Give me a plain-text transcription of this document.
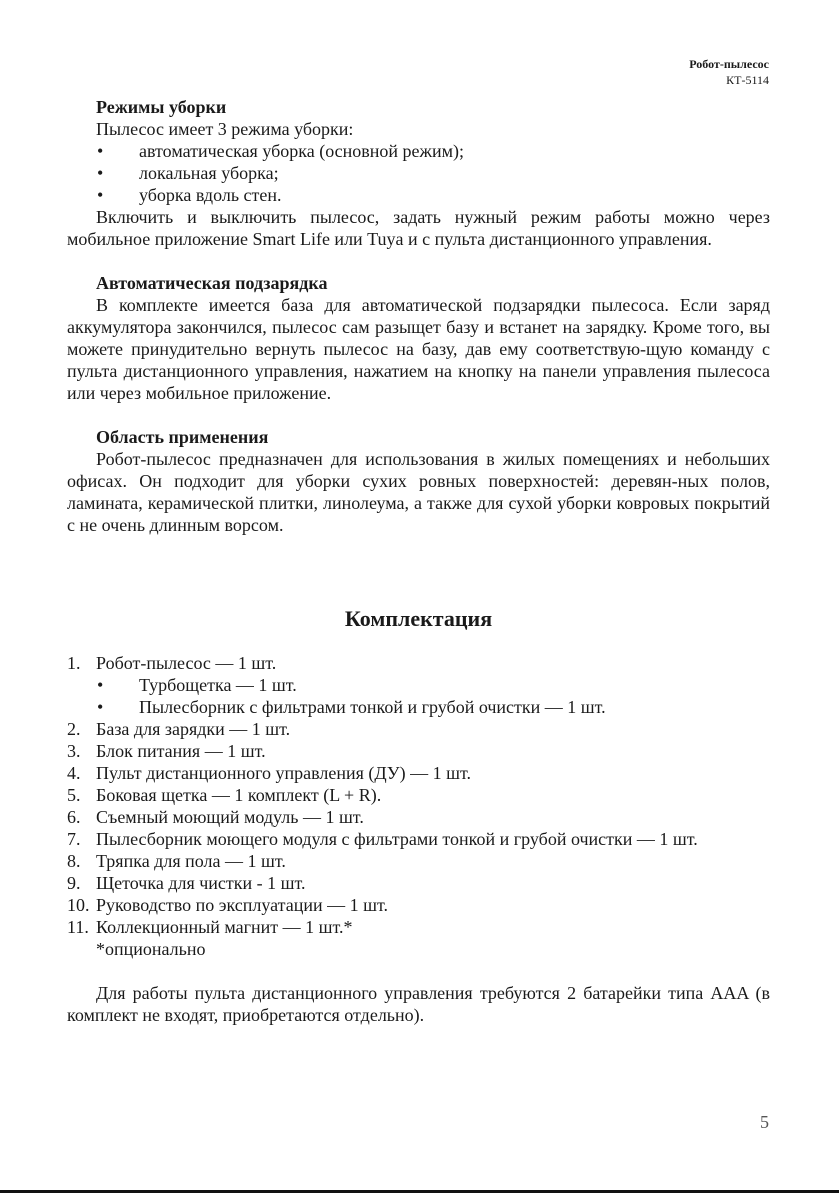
Робот-пылесос
КТ-5114
Режимы уборки
Пылесос имеет 3 режима уборки:
• автоматическая уборка (основной режим);
• локальная уборка;
• уборка вдоль стен.

Включить и выключить пылесос, задать нужный режим работы можно через мобильное приложение Smart Life или Tuya и с пульта дистанционного управления.

Автоматическая подзарядка

В комплекте имеется база для автоматической подзарядки пылесоса. Если заряд аккумулятора закончился, пылесос сам разыщет базу и встанет на зарядку. Кроме того, вы можете принудительно вернуть пылесос на базу, дав ему соответствую-щую команду с пульта дистанционного управления, нажатием на кнопку на панели управления пылесоса или через мобильное приложение.

Область применения

Робот-пылесос предназначен для использования в жилых помещениях и небольших офисах. Он подходит для уборки сухих ровных поверхностей: деревян-ных полов, ламината, керамической плитки, линолеума, а также для сухой уборки ковровых покрытий с не очень длинным ворсом.

Комплектация
1. Робот-пылесос — 1 шт.
• Турбощетка — 1 шт.
• Пылесборник с фильтрами тонкой и грубой очистки — 1 шт.
2. База для зарядки — 1 шт.
3. Блок питания — 1 шт.
4. Пульт дистанционного управления (ДУ) — 1 шт.
5. Боковая щетка — 1 комплект (L + R).
6. Съемный моющий модуль — 1 шт.
7. Пылесборник моющего модуля с фильтрами тонкой и грубой очистки — 1 шт.
8. Тряпка для пола — 1 шт.
9. Щеточка для чистки - 1 шт.
10. Руководство по эксплуатации — 1 шт.
11. Коллекционный магнит — 1 шт.*
*опционально

Для работы пульта дистанционного управления требуются 2 батарейки типа AAA (в комплект не входят, приобретаются отдельно).

5
